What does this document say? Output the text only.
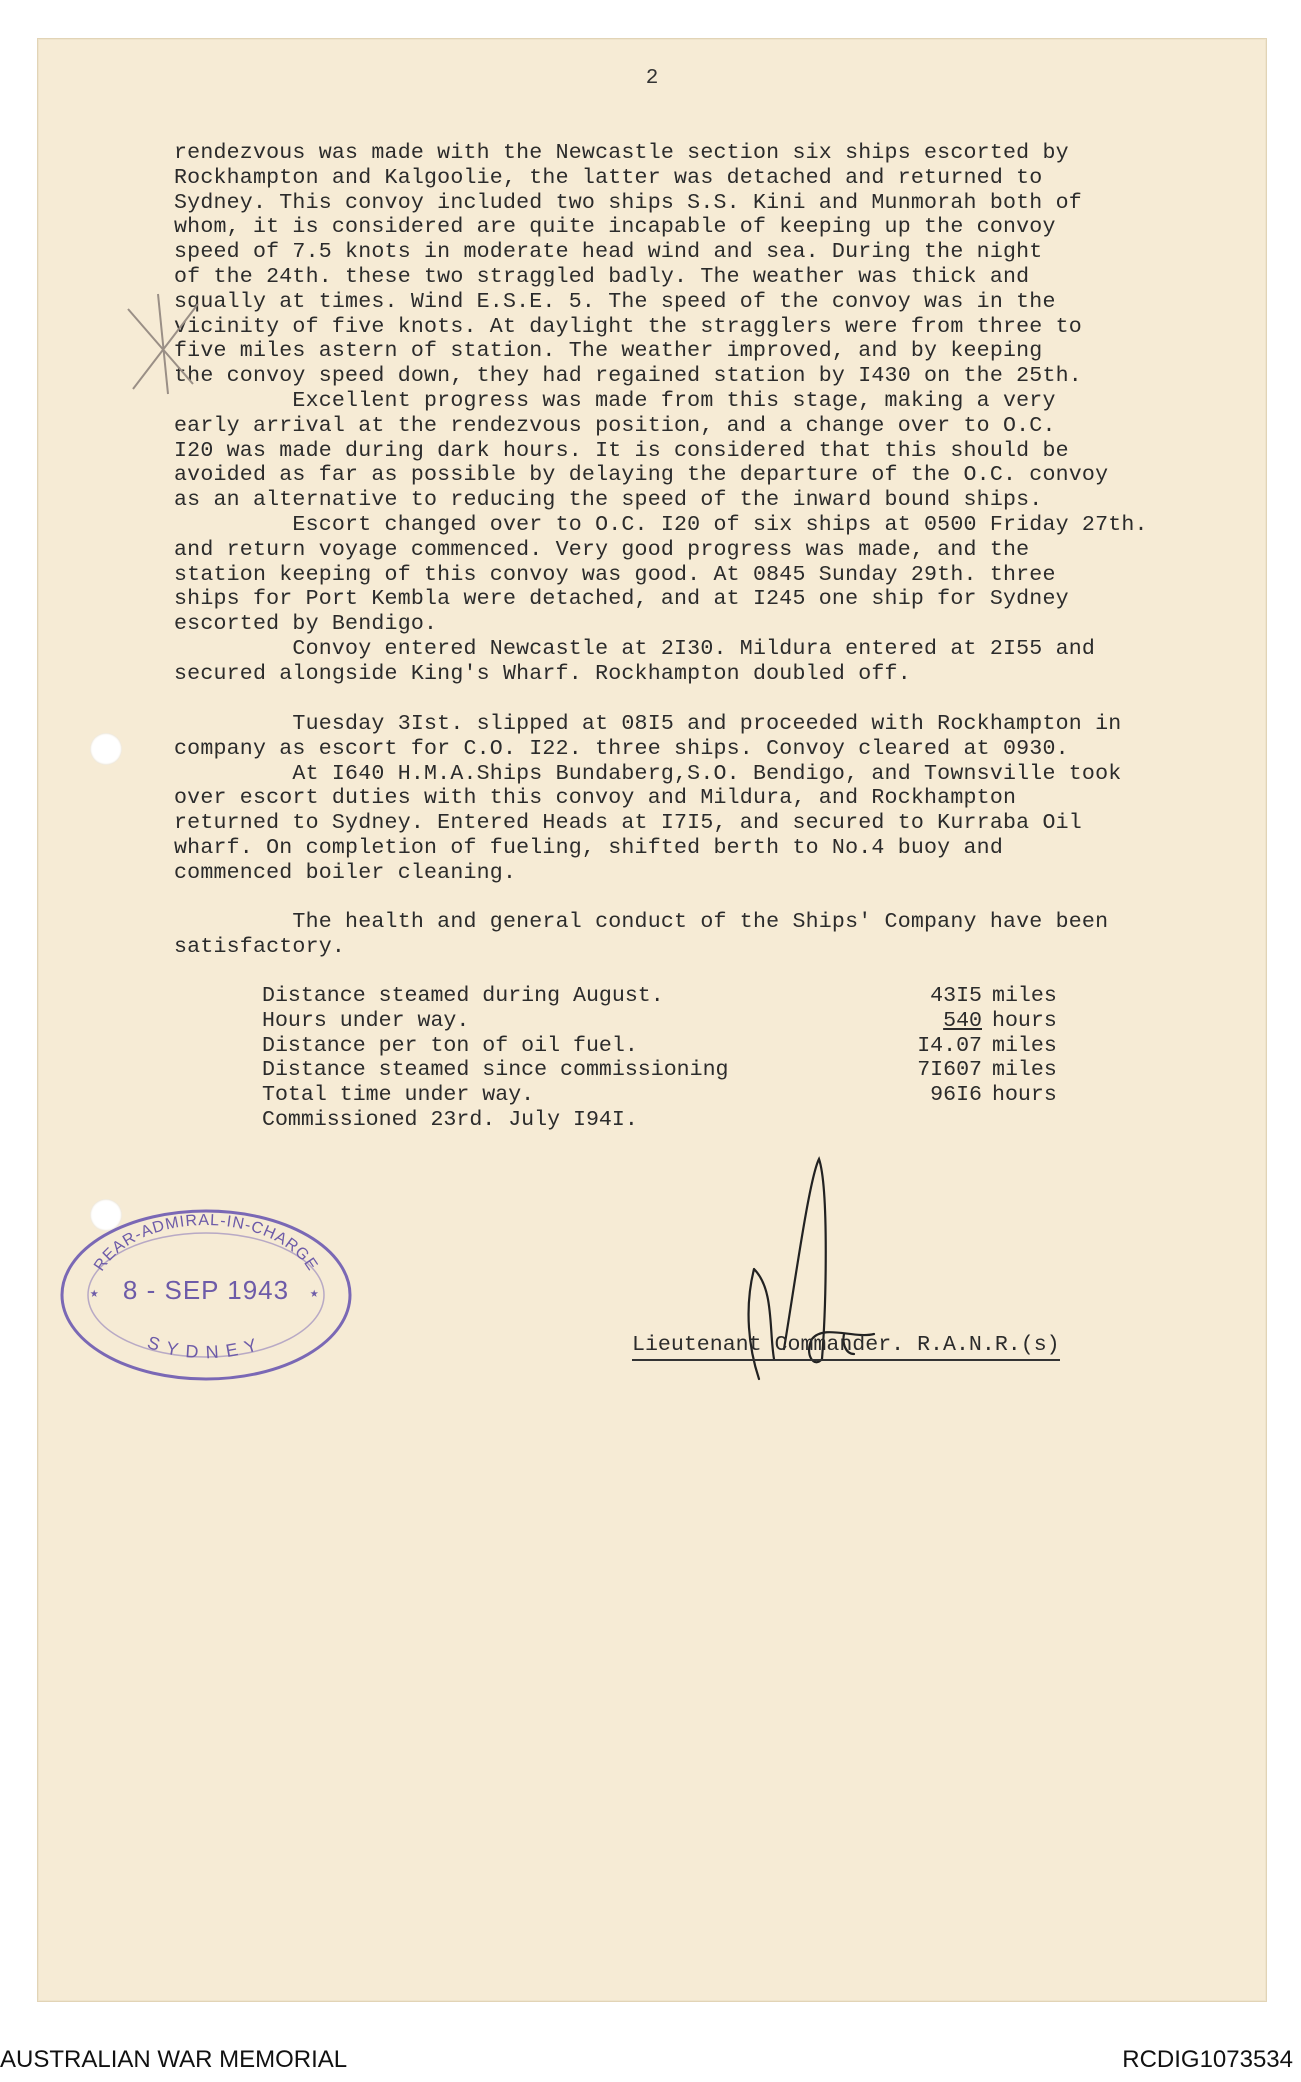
2

rendezvous was made with the Newcastle section six ships escorted by
Rockhampton and Kalgoolie, the latter was detached and returned to
Sydney. This convoy included two ships S.S. Kini and Munmorah both of
whom, it is considered are quite incapable of keeping up the convoy
speed of 7.5 knots in moderate head wind and sea. During the night
of the 24th. these two straggled badly. The weather was thick and
squally at times. Wind E.S.E. 5. The speed of the convoy was in the
vicinity of five knots. At daylight the stragglers were from three to
five miles astern of station. The weather improved, and by keeping
the convoy speed down, they had regained station by I430 on the 25th.

Excellent progress was made from this stage, making a very
early arrival at the rendezvous position, and a change over to O.C.
I20 was made during dark hours. It is considered that this should be
avoided as far as possible by delaying the departure of the O.C. convoy
as an alternative to reducing the speed of the inward bound ships.

Escort changed over to O.C. I20 of six ships at 0500 Friday 27th.
and return voyage commenced. Very good progress was made, and the
station keeping of this convoy was good. At 0845 Sunday 29th. three
ships for Port Kembla were detached, and at I245 one ship for Sydney
escorted by Bendigo.

Convoy entered Newcastle at 2I30. Mildura entered at 2I55 and
secured alongside King's Wharf. Rockhampton doubled off.

Tuesday 3Ist. slipped at 08I5 and proceeded with Rockhampton in
company as escort for C.O. I22. three ships. Convoy cleared at 0930.
At I640 H.M.A.Ships Bundaberg,S.O. Bendigo, and Townsville took
over escort duties with this convoy and Mildura, and Rockhampton
returned to Sydney. Entered Heads at I7I5, and secured to Kurraba Oil
wharf. On completion of fueling, shifted berth to No.4 buoy and
commenced boiler cleaning.

The health and general conduct of the Ships' Company have been
satisfactory.

Distance steamed during August.	43I5 miles
Hours under way.	540 hours
Distance per ton of oil fuel.	I4.07 miles
Distance steamed since commissioning	7I607 miles
Total time under way.	96I6 hours
Commissioned 23rd. July I94I.
REAR-ADMIRAL-IN-CHARGE
SYDNEY
★	★
8 - SEP 1943
Lieutenant Commander. R.A.N.R.(s)
AUSTRALIAN WAR MEMORIAL	RCDIG1073534
